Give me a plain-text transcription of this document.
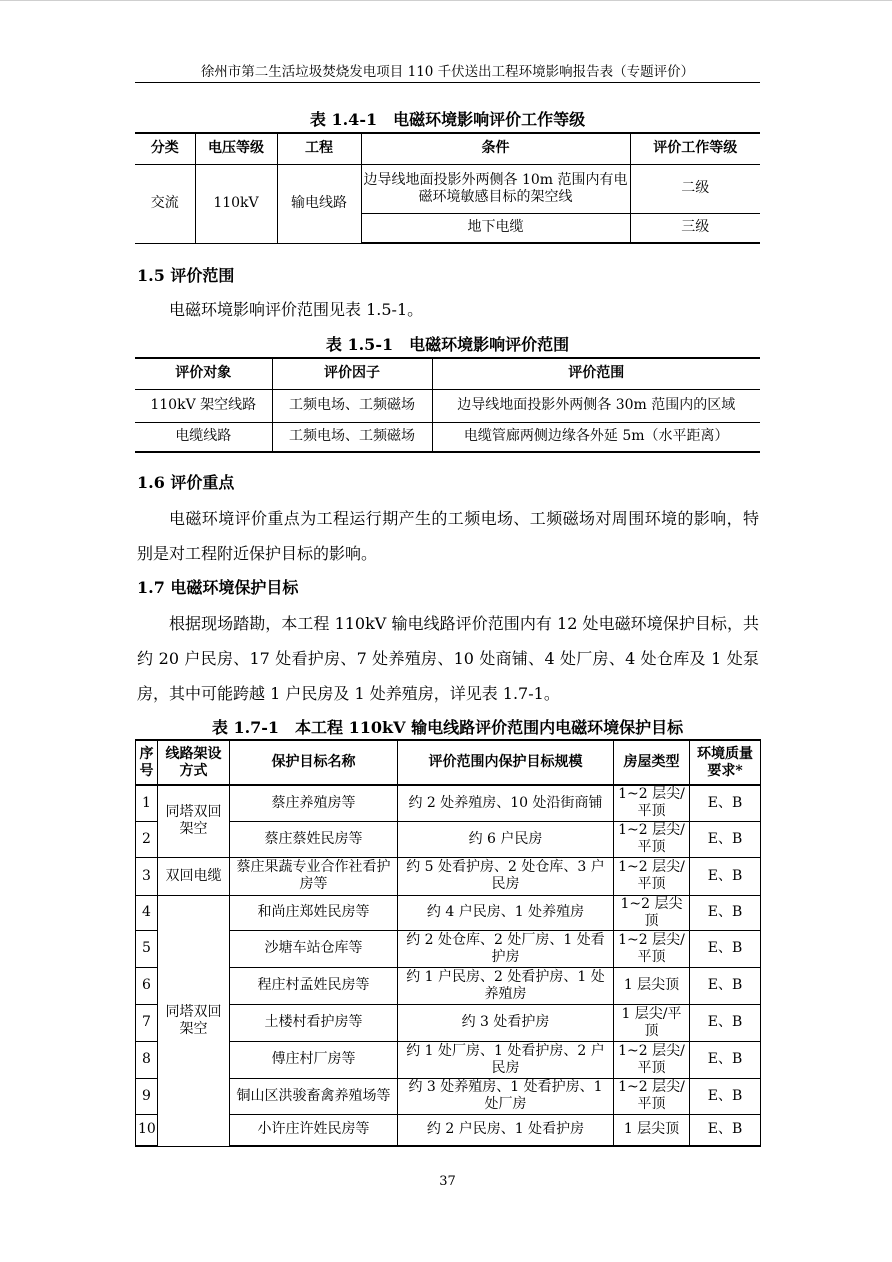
徐州市第二生活垃圾焚烧发电项目 110 千伏送出工程环境影响报告表（专题评价）
表 1.4-1　电磁环境影响评价工作等级
分类	电压等级	工程	条件	评价工作等级
交流	110kV	输电线路	边导线地面投影外两侧各 10m 范围内有电磁环境敏感目标的架空线	二级
			地下电缆	三级
1.5 评价范围
电磁环境影响评价范围见表 1.5-1。
表 1.5-1　电磁环境影响评价范围
评价对象	评价因子	评价范围
110kV 架空线路	工频电场、工频磁场	边导线地面投影外两侧各 30m 范围内的区域
电缆线路	工频电场、工频磁场	电缆管廊两侧边缘各外延 5m（水平距离）
1.6 评价重点
电磁环境评价重点为工程运行期产生的工频电场、工频磁场对周围环境的影响，特别是对工程附近保护目标的影响。
1.7 电磁环境保护目标
根据现场踏勘，本工程 110kV 输电线路评价范围内有 12 处电磁环境保护目标，共约 20 户民房、17 处看护房、7 处养殖房、10 处商铺、4 处厂房、4 处仓库及 1 处泵房，其中可能跨越 1 户民房及 1 处养殖房，详见表 1.7-1。
表 1.7-1　本工程 110kV 输电线路评价范围内电磁环境保护目标
序号	线路架设方式	保护目标名称	评价范围内保护目标规模	房屋类型	环境质量要求*
1	同塔双回架空	蔡庄养殖房等	约 2 处养殖房、10 处沿街商铺	1~2 层尖/平顶	E、B
2		蔡庄蔡姓民房等	约 6 户民房	1~2 层尖/平顶	E、B
3	双回电缆	蔡庄果蔬专业合作社看护房等	约 5 处看护房、2 处仓库、3 户民房	1~2 层尖/平顶	E、B
4	同塔双回架空	和尚庄郑姓民房等	约 4 户民房、1 处养殖房	1~2 层尖顶	E、B
5		沙塘车站仓库等	约 2 处仓库、2 处厂房、1 处看护房	1~2 层尖/平顶	E、B
6		程庄村孟姓民房等	约 1 户民房、2 处看护房、1 处养殖房	1 层尖顶	E、B
7		土楼村看护房等	约 3 处看护房	1 层尖/平顶	E、B
8		傅庄村厂房等	约 1 处厂房、1 处看护房、2 户民房	1~2 层尖/平顶	E、B
9		铜山区洪骏畜禽养殖场等	约 3 处养殖房、1 处看护房、1 处厂房	1~2 层尖/平顶	E、B
10		小许庄许姓民房等	约 2 户民房、1 处看护房	1 层尖顶	E、B
37
